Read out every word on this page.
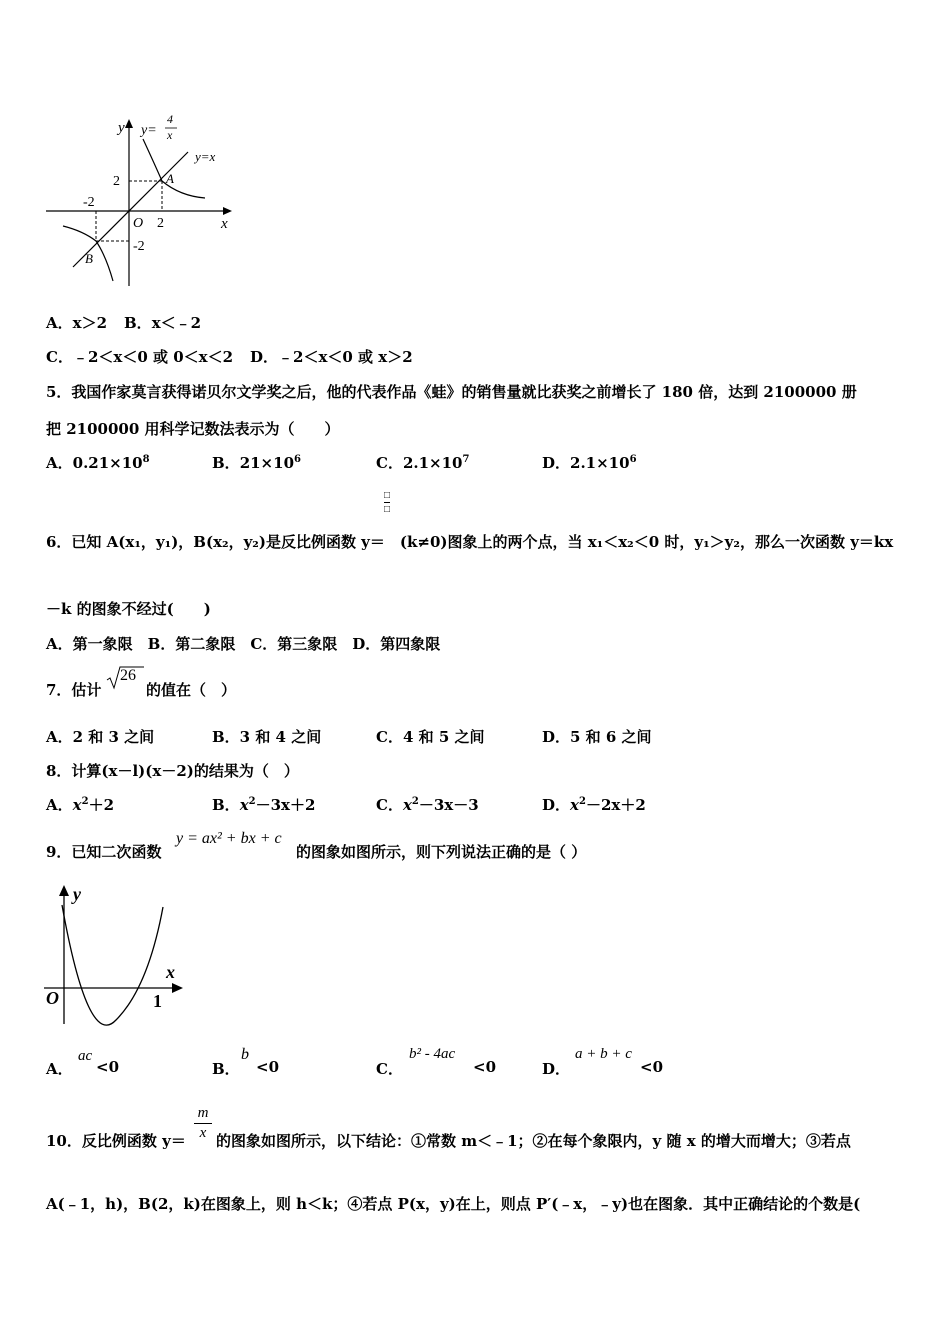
y y=
4
x
y=x
2	A
-2
O 2	x
-2
B
A．x＞2 B．x＜﹣2
C．﹣2＜x＜0 或 0＜x＜2 D．﹣2＜x＜0 或 x＞2
5．我国作家莫言获得诺贝尔文学奖之后，他的代表作品《蛙》的销售量就比获奖之前增长了 180 倍，达到 2100000 册
把 2100000 用科学记数法表示为（　　）
A．$0.21\times 10^8$	B．$21\times 10^6$	C．$2.1\times 10^7$	D．$2.1\times 10^6$
□
□
6．已知 A(x₁，y₁)，B(x₂，y₂)是反比例函数 y＝　(k≠0)图象上的两个点，当 x₁＜x₂＜0 时，y₁＞y₂，那么一次函数 y＝kx
－k 的图象不经过(　　)
A．第一象限　B．第二象限　C．第三象限　D．第四象限
7．估计
26
的值在（　）
A．2 和 3 之间	B．3 和 4 之间	C．4 和 5 之间	D．5 和 6 之间
8．计算(x－l)(x－2)的结果为（　）
A．$x^2+2$	B．$x^2-3x+2$	C．$x^2-3x-3$	D．$x^2-2x+2$
9．已知二次函数
y = ax² + bx + c
的图象如图所示，则下列说法正确的是（ ）
y
x
O	1
A．
ac
<0	B．
b
<0	C．
b² - 4ac
<0	D．
a + b + c
<0
10．反比例函数 y＝
m
x 的图象如图所示，以下结论：①常数 m＜﹣1；②在每个象限内，y 随 x 的增大而增大；③若点
A(﹣1，h)，B(2，k)在图象上，则 h＜k；④若点 P(x，y)在上，则点 P′(﹣x，﹣y)也在图象．其中正确结论的个数是(
